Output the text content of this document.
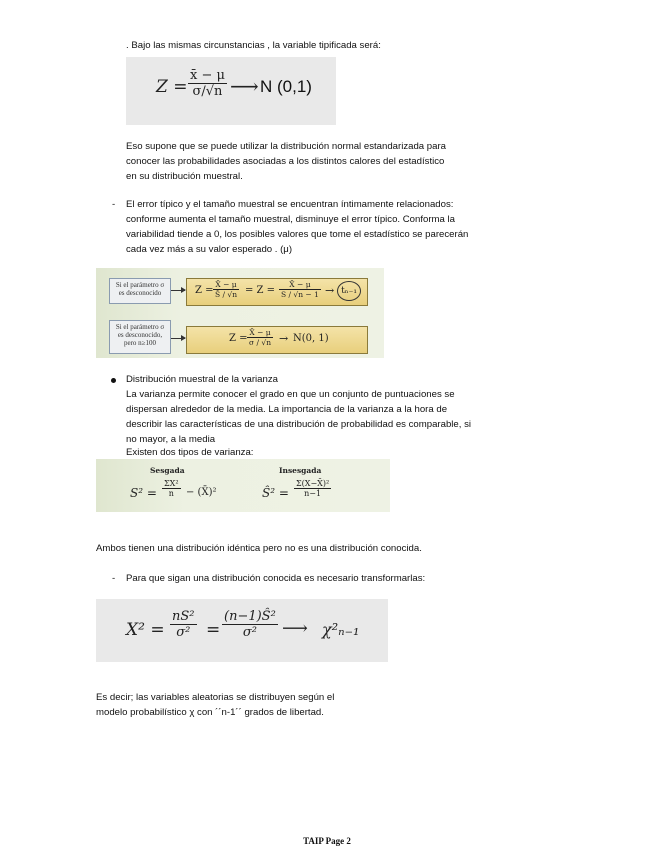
. Bajo las mismas circunstancias , la variable tipificada será:
$Z = \frac{x̄ - \mu}{\sigma/√n}$ ⟶ N (0,1)
Eso supone que se puede utilizar la distribución normal estandarizada para
conocer las probabilidades asociadas a los distintos calores del estadístico
en su distribución muestral.
- El error típico y el tamaño muestral se encuentran íntimamente relacionados:
conforme aumenta el tamaño muestral, disminuye el error típico. Conforma la
variabilidad tiende a 0, los posibles valores que tome el estadístico se parecerán
cada vez más a su valor esperado . (μ)
Si el parámetro σ
es desconocido	$Z = \frac{X̄ - \mu}{Ŝ / √n} = Z = \frac{X̄ - \mu}{S / √n - 1} \to t_{n-1}$
Si el parámetro σ
es desconocido,
pero n≥100	$Z = \frac{X̄ - \mu}{\sigma / √n} \to N(0$, 1)
Distribución muestral de la varianza
La varianza permite conocer el grado en que un conjunto de puntuaciones se
dispersan alrededor de la media. La importancia de la varianza a la hora de
describir las características de una distribución de probabilidad es comparable, si
no mayor, a la media
Existen dos tipos de varianza:
Sesgada	Insesgada
$S^2 = \frac{\text{ΣX²}}{n}$ − (X̄)²	Ŝ² = $\frac{\text{Σ(X−X̄)²}}{n-1}$
Ambos tienen una distribución idéntica pero no es una distribución conocida.
- Para que sigan una distribución conocida es necesario transformarlas:
$X^2 = \frac{\text{nS²}}{\text{σ²}} = \frac{\text{(n−1)Ŝ²}}{\text{σ²}}$ ⟶ χ²ₙ₋₁
Es decir; las variables aleatorias se distribuyen según el
modelo probabilístico χ con ´´n-1´´ grados de libertad.
TAIP Page 2
